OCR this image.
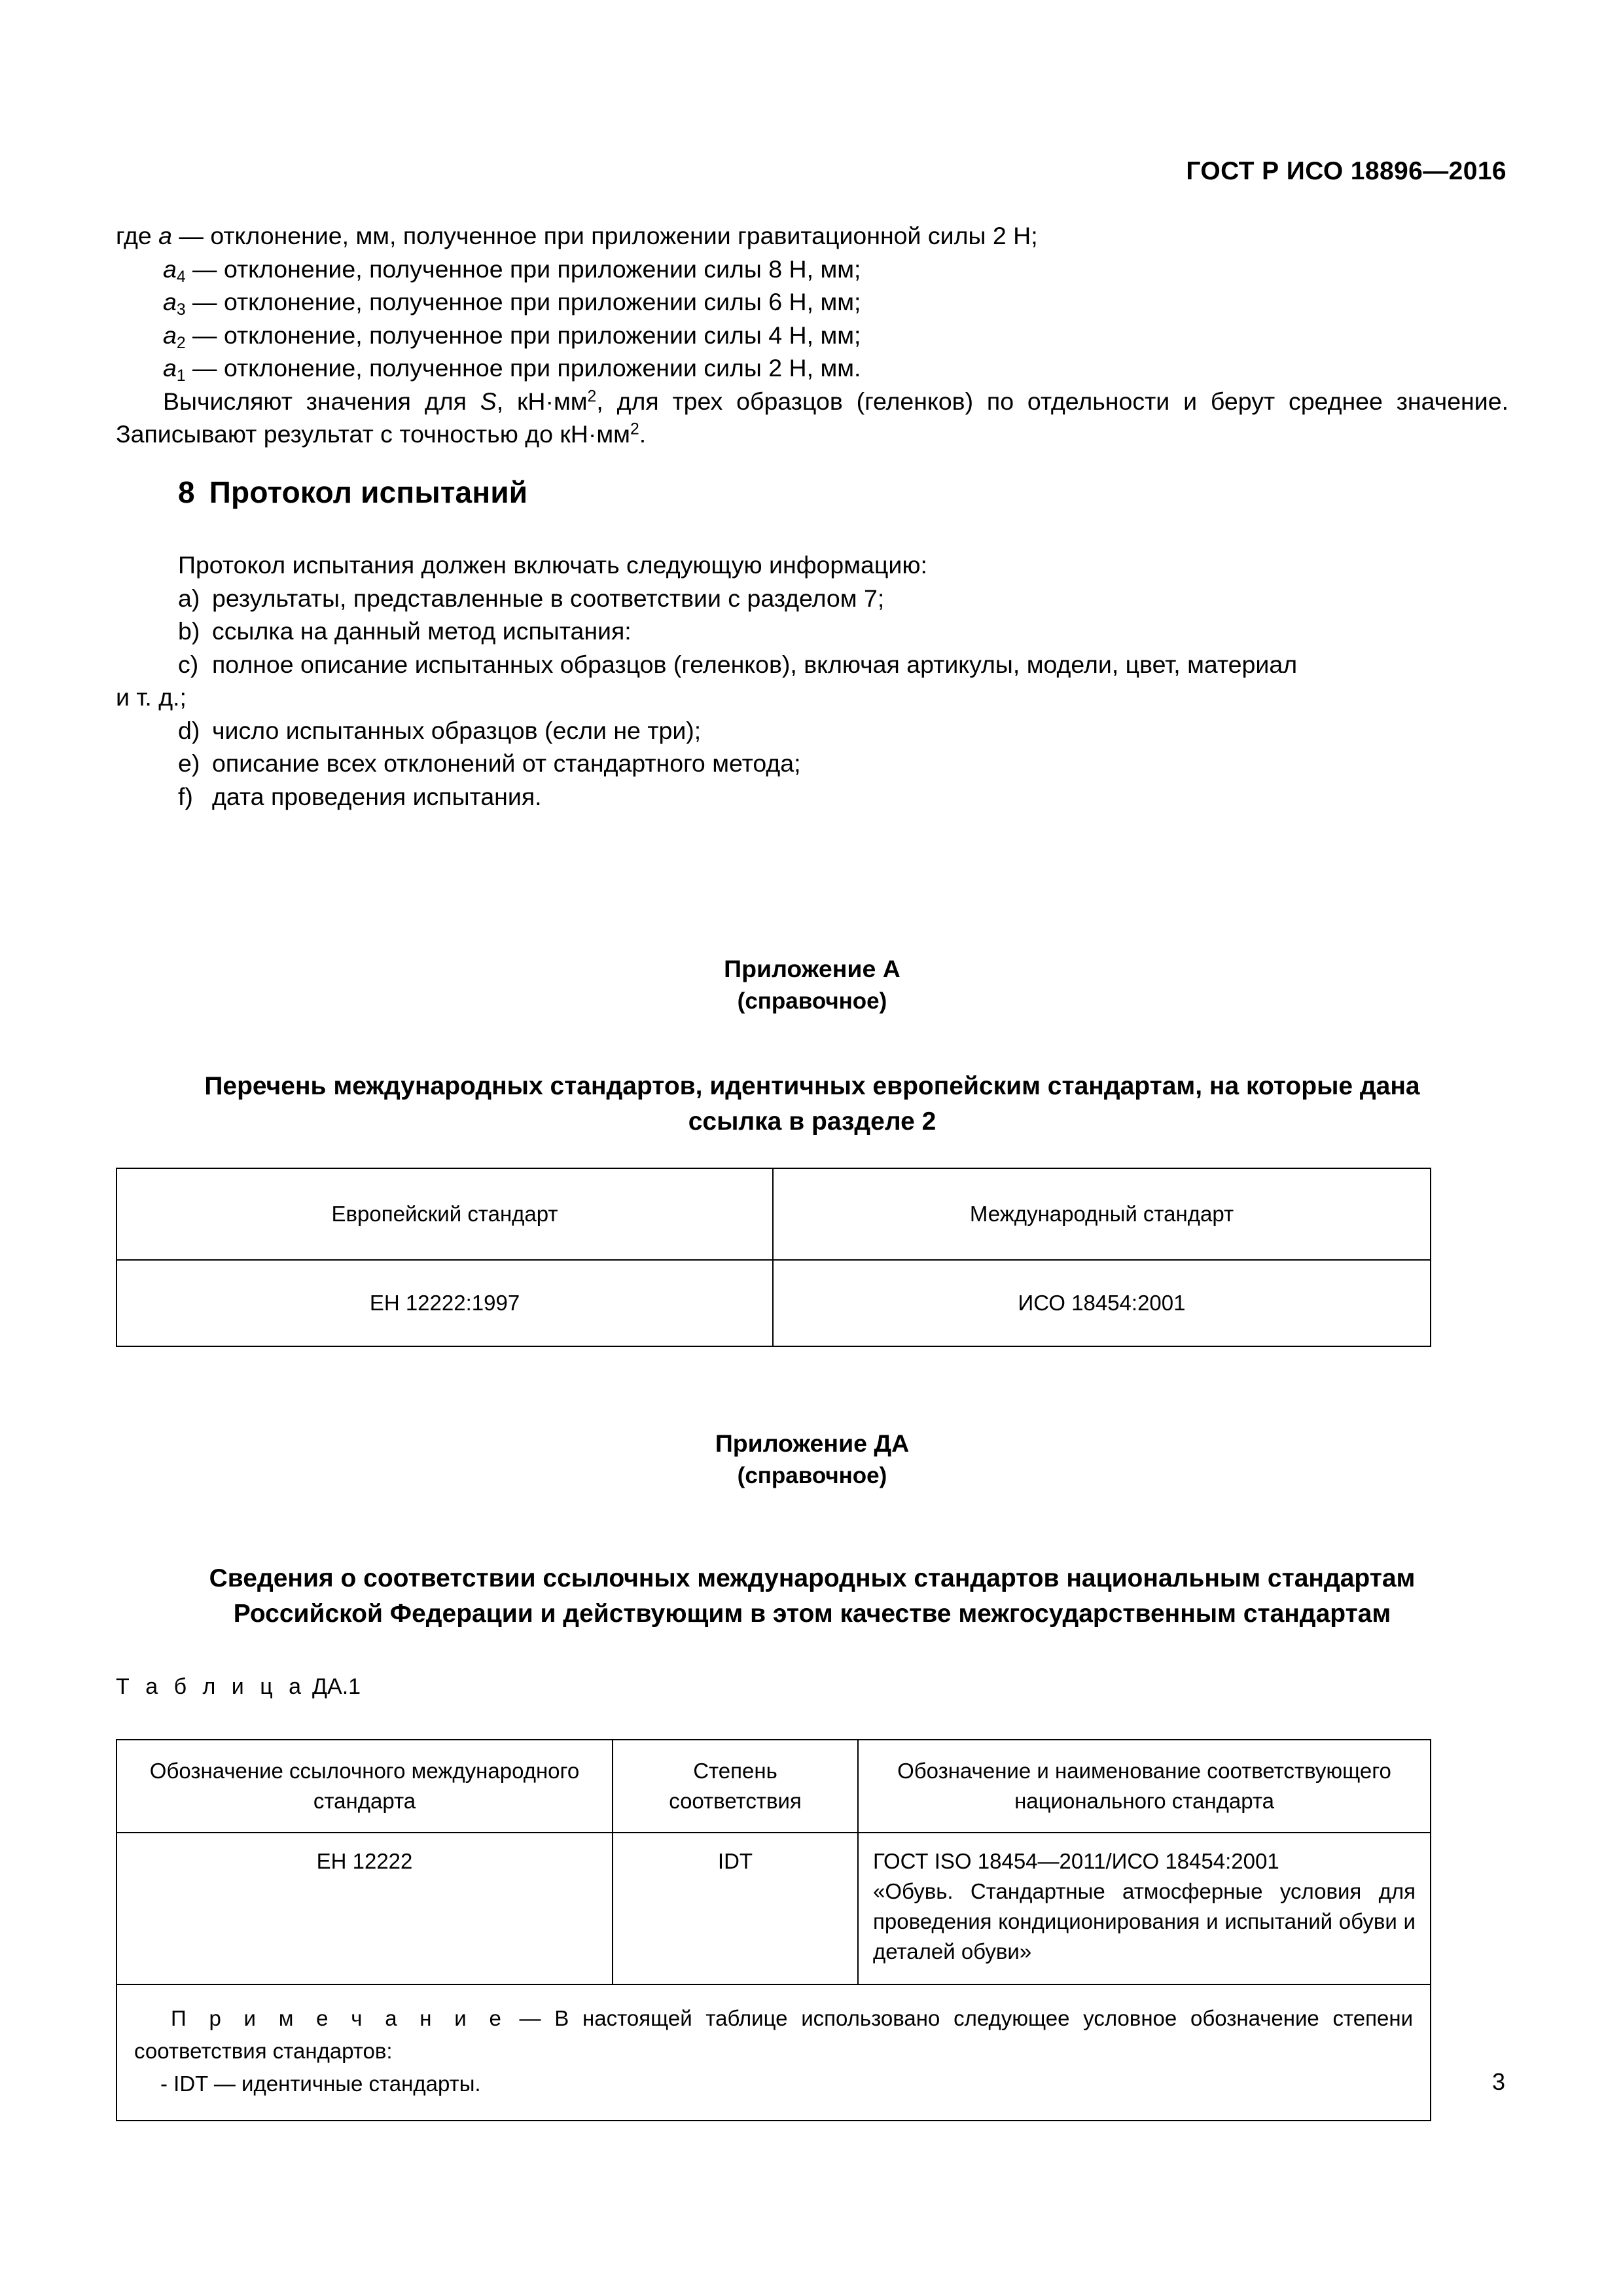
ГОСТ Р ИСО 18896—2016

где a — отклонение, мм, полученное при приложении гравитационной силы 2 Н;

$a_4$ — отклонение, полученное при приложении силы 8 Н, мм;

$a_3$ — отклонение, полученное при приложении силы 6 Н, мм;

$a_2$ — отклонение, полученное при приложении силы 4 Н, мм;

$a_1$ — отклонение, полученное при приложении силы 2 Н, мм.

Вычисляют значения для S, $кН\cdot мм^2$, для трех образцов (геленков) по отдельности и берут среднее значение. Записывают результат с точностью до $кН\cdot мм^2$.

8 Протокол испытаний

Протокол испытания должен включать следующую информацию:

a) результаты, представленные в соответствии с разделом 7;

b) ссылка на данный метод испытания:

c) полное описание испытанных образцов (геленков), включая артикулы, модели, цвет, материал

и т. д.;

d) число испытанных образцов (если не три);

e) описание всех отклонений от стандартного метода;

f) дата проведения испытания.

Приложение А

(справочное)

Перечень международных стандартов, идентичных европейским стандартам, на которые дана

ссылка в разделе 2

Европейский стандарт	Международный стандарт
ЕН 12222:1997	ИСО 18454:2001

Приложение ДА

(справочное)

Сведения о соответствии ссылочных международных стандартов национальным стандартам

Российской Федерации и действующим в этом качестве межгосударственным стандартам

Т а б л и ц а ДА.1
Обозначение ссылочного международного стандарта	Степень соответствия	Обозначение и наименование соответствующего национального стандарта
ЕН 12222	IDT	ГОСТ ISO 18454—2011/ИСО 18454:2001
«Обувь. Стандартные атмосферные условия для проведения кондиционирования и испытаний обуви и деталей обуви»

П р и м е ч а н и е — В настоящей таблице использовано следующее условное обозначение степени соответствия стандартов:

- IDT — идентичные стандарты.			3
